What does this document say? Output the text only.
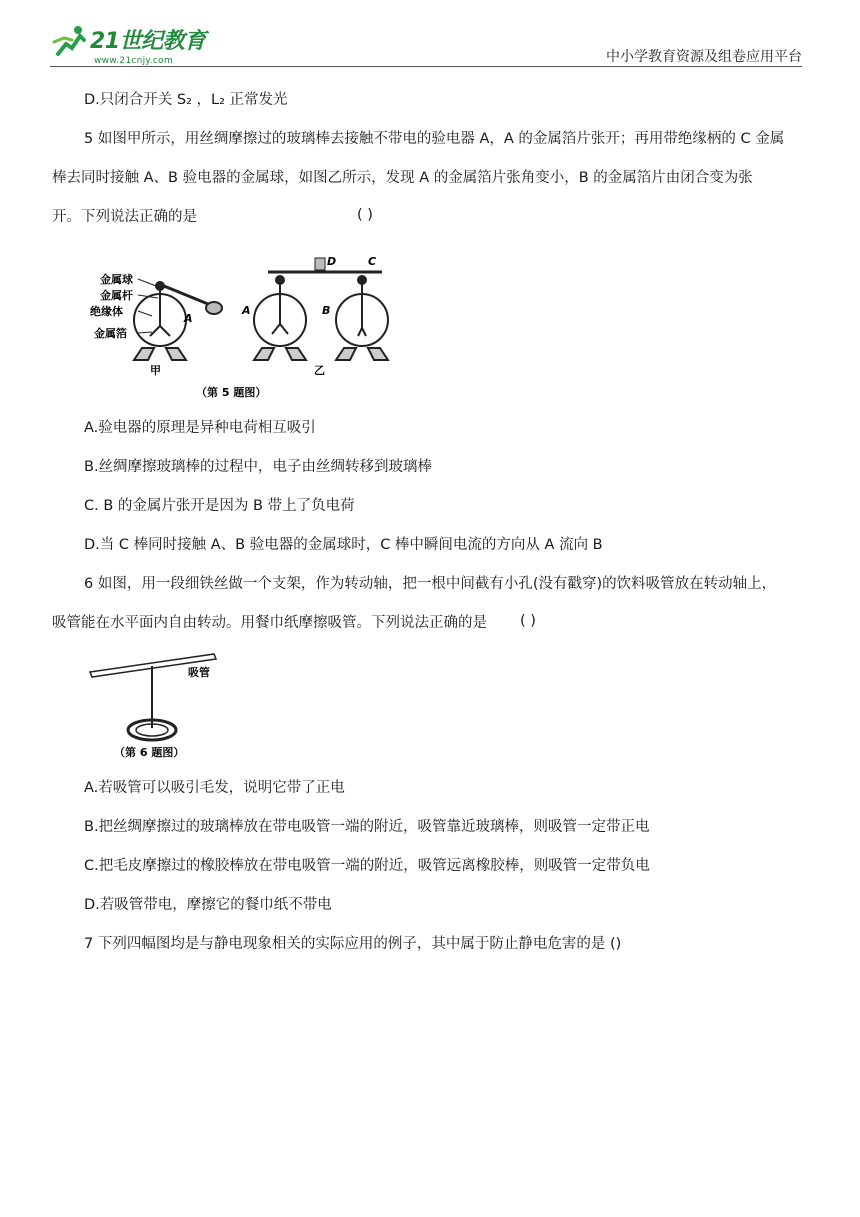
21世纪教育
www.21cnjy.com	中小学教育资源及组卷应用平台
D.只闭合开关 S₂ ，L₂ 正常发光
5 如图甲所示，用丝绸摩擦过的玻璃棒去接触不带电的验电器 A，A 的金属箔片张开；再用带绝缘柄的 C 金属
棒去同时接触 A、B 验电器的金属球，如图乙所示，发现 A 的金属箔片张角变小，B 的金属箔片由闭合变为张
开。下列说法正确的是	( )
金属球
金属杆
绝缘体
金属箔
A
D	C
A	B
甲	乙
（第 5 题图）
A.验电器的原理是异种电荷相互吸引
B.丝绸摩擦玻璃棒的过程中，电子由丝绸转移到玻璃棒
C. B 的金属片张开是因为 B 带上了负电荷
D.当 C 棒同时接触 A、B 验电器的金属球时，C 棒中瞬间电流的方向从 A 流向 B
6 如图，用一段细铁丝做一个支架，作为转动轴，把一根中间截有小孔(没有戳穿)的饮料吸管放在转动轴上，
吸管能在水平面内自由转动。用餐巾纸摩擦吸管。下列说法正确的是 ( )
吸管
（第 6 题图）
A.若吸管可以吸引毛发，说明它带了正电
B.把丝绸摩擦过的玻璃棒放在带电吸管一端的附近，吸管靠近玻璃棒，则吸管一定带正电
C.把毛皮摩擦过的橡胶棒放在带电吸管一端的附近，吸管远离橡胶棒，则吸管一定带负电
D.若吸管带电，摩擦它的餐巾纸不带电
7 下列四幅图均是与静电现象相关的实际应用的例子，其中属于防止静电危害的是 ()
